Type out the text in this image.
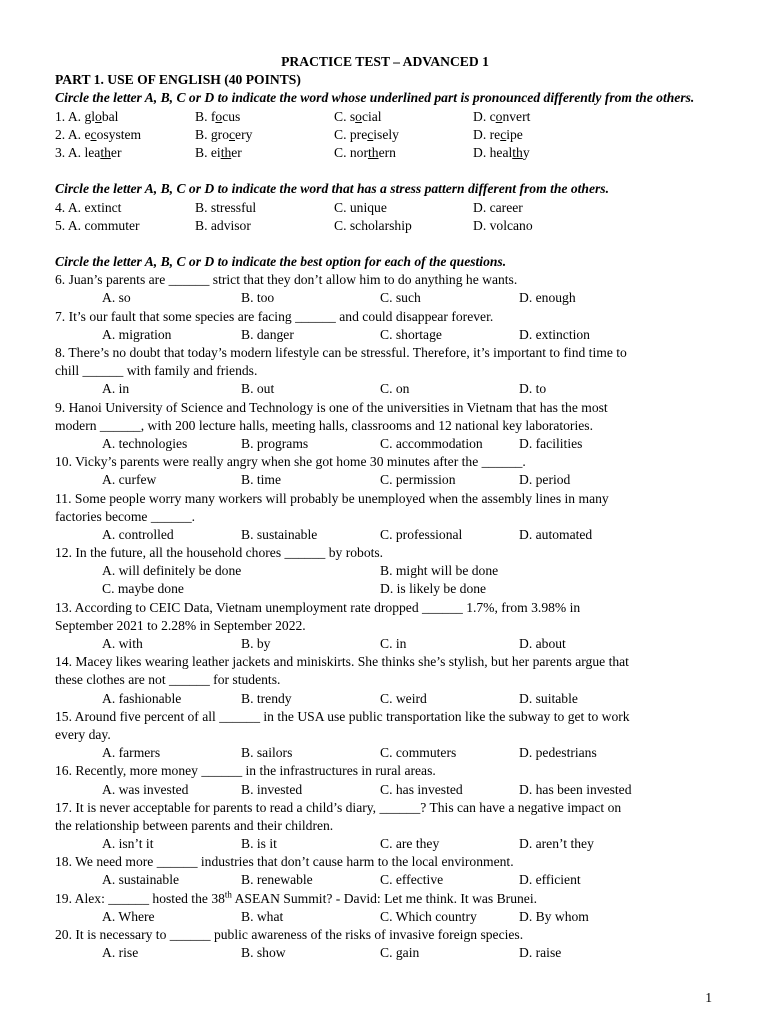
PRACTICE TEST – ADVANCED 1
PART 1. USE OF ENGLISH (40 POINTS)
Circle the letter A, B, C or D to indicate the word whose underlined part is pronounced differently from the others.
1. A. global	B. focus	C. social	D. convert
2. A. ecosystem	B. grocery	C. precisely	D. recipe
3. A. leather	B. either	C. northern	D. healthy
Circle the letter A, B, C or D to indicate the word that has a stress pattern different from the others.
4. A. extinct	B. stressful	C. unique	D. career
5. A. commuter	B. advisor	C. scholarship	D. volcano
Circle the letter A, B, C or D to indicate the best option for each of the questions.
6. Juan’s parents are ______ strict that they don’t allow him to do anything he wants.
A. so	B. too	C. such	D. enough
7. It’s our fault that some species are facing ______ and could disappear forever.
A. migration	B. danger	C. shortage	D. extinction
8. There’s no doubt that today’s modern lifestyle can be stressful. Therefore, it’s important to find time to
chill ______ with family and friends.
A. in	B. out	C. on	D. to
9. Hanoi University of Science and Technology is one of the universities in Vietnam that has the most
modern ______, with 200 lecture halls, meeting halls, classrooms and 12 national key laboratories.
A. technologies	B. programs	C. accommodation	D. facilities
10. Vicky’s parents were really angry when she got home 30 minutes after the ______.
A. curfew	B. time	C. permission	D. period
11. Some people worry many workers will probably be unemployed when the assembly lines in many
factories become ______.
A. controlled	B. sustainable	C. professional	D. automated
12. In the future, all the household chores ______ by robots.
A. will definitely be done	B. might will be done
C. maybe done	D. is likely be done
13. According to CEIC Data, Vietnam unemployment rate dropped ______ 1.7%, from 3.98% in
September 2021 to 2.28% in September 2022.
A. with	B. by	C. in	D. about
14. Macey likes wearing leather jackets and miniskirts. She thinks she’s stylish, but her parents argue that
these clothes are not ______ for students.
A. fashionable	B. trendy	C. weird	D. suitable
15. Around five percent of all ______ in the USA use public transportation like the subway to get to work
every day.
A. farmers	B. sailors	C. commuters	D. pedestrians
16. Recently, more money ______ in the infrastructures in rural areas.
A. was invested	B. invested	C. has invested	D. has been invested
17. It is never acceptable for parents to read a child’s diary, ______? This can have a negative impact on
the relationship between parents and their children.
A. isn’t it	B. is it	C. are they	D. aren’t they
18. We need more ______ industries that don’t cause harm to the local environment.
A. sustainable	B. renewable	C. effective	D. efficient
19. Alex: ______ hosted the 38th ASEAN Summit? - David: Let me think. It was Brunei.
A. Where	B. what	C. Which country	D. By whom
20. It is necessary to ______ public awareness of the risks of invasive foreign species.
A. rise	B. show	C. gain	D. raise
1
